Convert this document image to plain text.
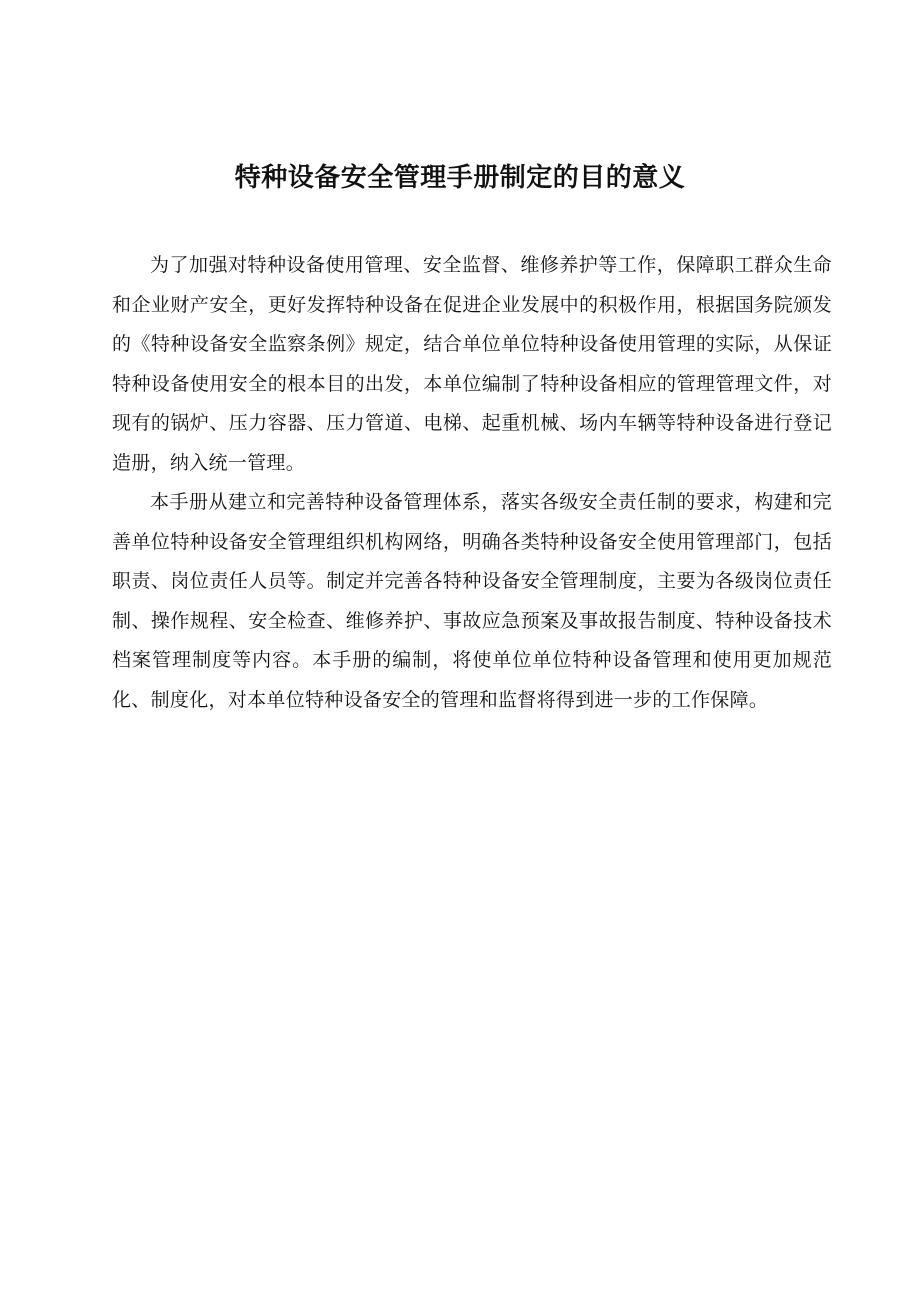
特种设备安全管理手册制定的目的意义

为了加强对特种设备使用管理、安全监督、维修养护等工作，保障职工群众生命和企业财产安全，更好发挥特种设备在促进企业发展中的积极作用，根据国务院颁发的《特种设备安全监察条例》规定，结合单位单位特种设备使用管理的实际，从保证特种设备使用安全的根本目的出发，本单位编制了特种设备相应的管理管理文件，对现有的锅炉、压力容器、压力管道、电梯、起重机械、场内车辆等特种设备进行登记造册，纳入统一管理。

本手册从建立和完善特种设备管理体系，落实各级安全责任制的要求，构建和完善单位特种设备安全管理组织机构网络，明确各类特种设备安全使用管理部门，包括职责、岗位责任人员等。制定并完善各特种设备安全管理制度，主要为各级岗位责任制、操作规程、安全检查、维修养护、事故应急预案及事故报告制度、特种设备技术档案管理制度等内容。本手册的编制，将使单位单位特种设备管理和使用更加规范化、制度化，对本单位特种设备安全的管理和监督将得到进一步的工作保障。
